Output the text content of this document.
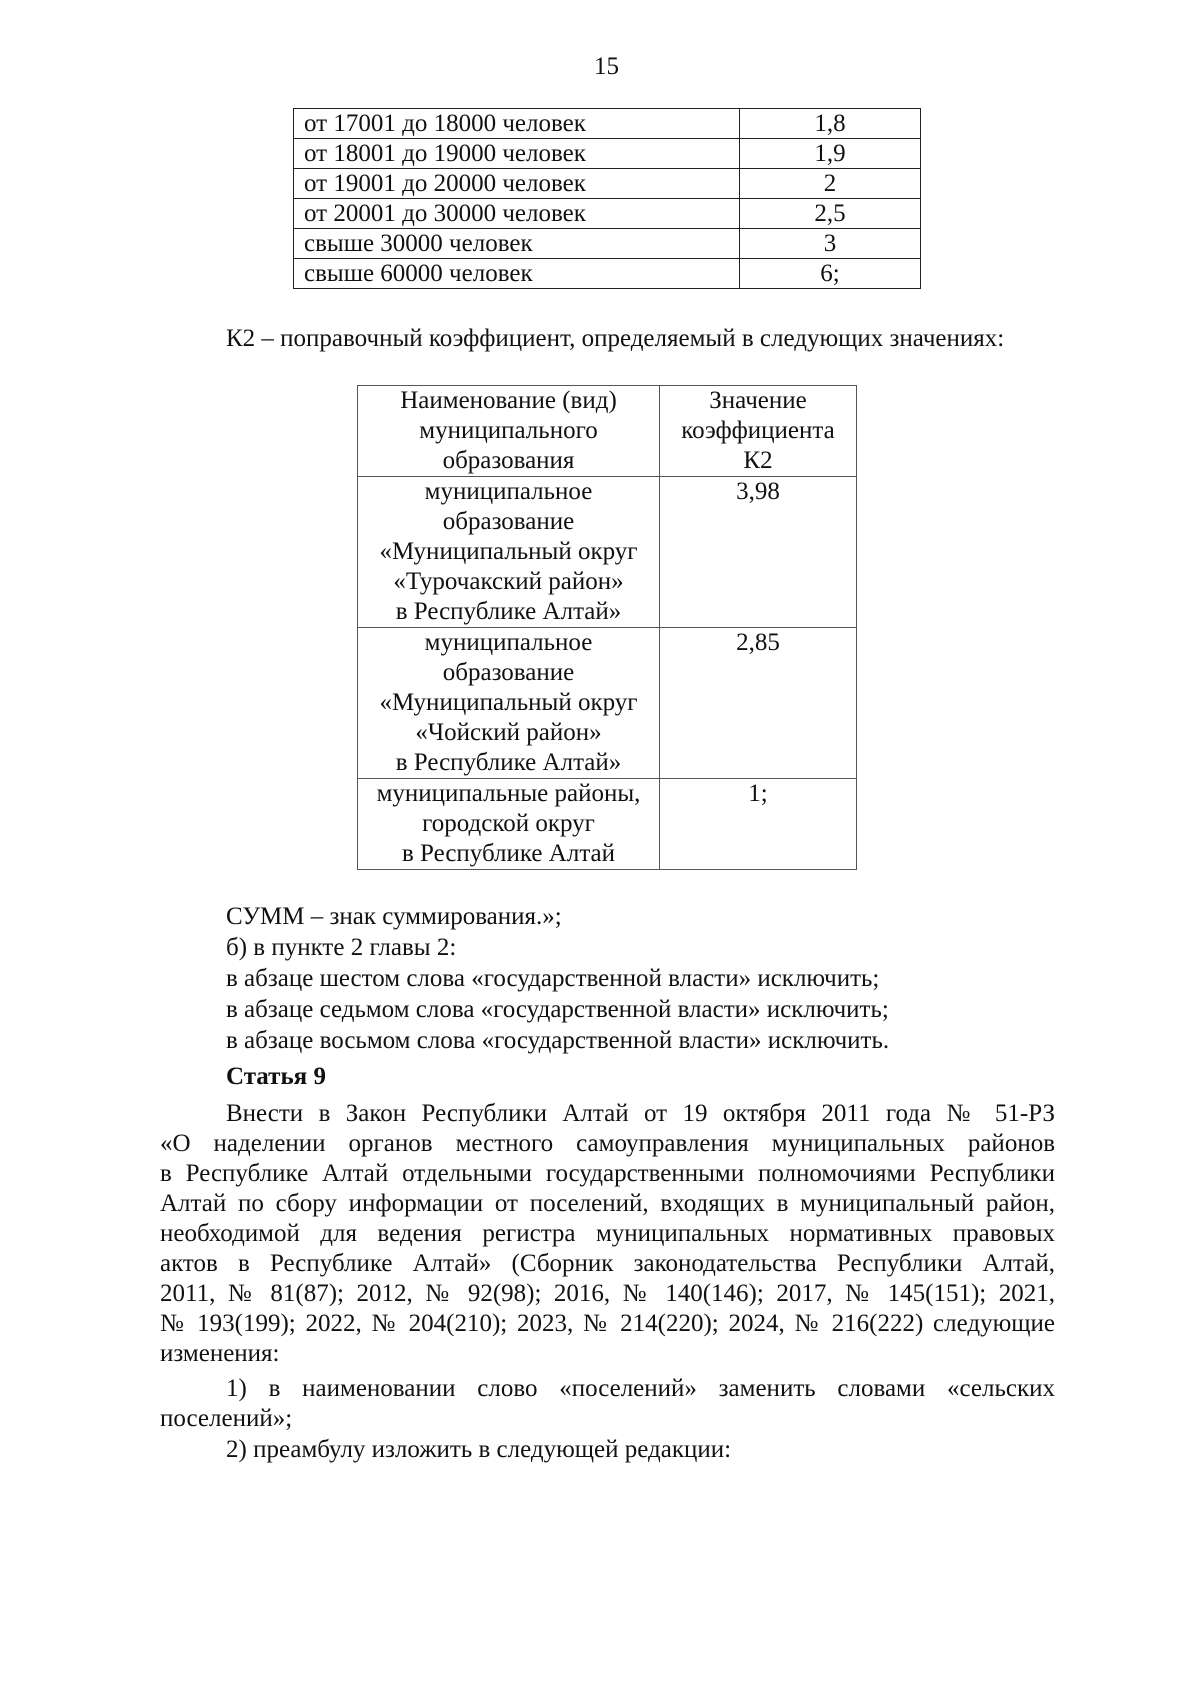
15
от 17001 до 18000 человек	1,8
от 18001 до 19000 человек	1,9
от 19001 до 20000 человек	2
от 20001 до 30000 человек	2,5
свыше 30000 человек	3
свыше 60000 человек	6;
К2 – поправочный коэффициент, определяемый в следующих значениях:
Наименование (вид)
муниципального
образования	Значение
коэффициента
К2

муниципальное
образование
«Муниципальный округ
«Турочакский район»
в Республике Алтай»	3,98

муниципальное
образование
«Муниципальный округ
«Чойский район»
в Республике Алтай»	2,85

муниципальные районы,
городской округ
в Республике Алтай	1;
СУММ – знак суммирования.»;
б) в пункте 2 главы 2:
в абзаце шестом слова «государственной власти» исключить;
в абзаце седьмом слова «государственной власти» исключить;
в абзаце восьмом слова «государственной власти» исключить.
Статья 9
Внести в Закон Республики Алтай от 19 октября 2011 года № 51-РЗ
«О наделении органов местного самоуправления муниципальных районов
в Республике Алтай отдельными государственными полномочиями Республики
Алтай по сбору информации от поселений, входящих в муниципальный район,
необходимой для ведения регистра муниципальных нормативных правовых
актов в Республике Алтай» (Сборник законодательства Республики Алтай,
2011, № 81(87); 2012, № 92(98); 2016, № 140(146); 2017, № 145(151); 2021,
№ 193(199); 2022, № 204(210); 2023, № 214(220); 2024, № 216(222) следующие
изменения:
1) в наименовании слово «поселений» заменить словами «сельских
поселений»;
2) преамбулу изложить в следующей редакции:
